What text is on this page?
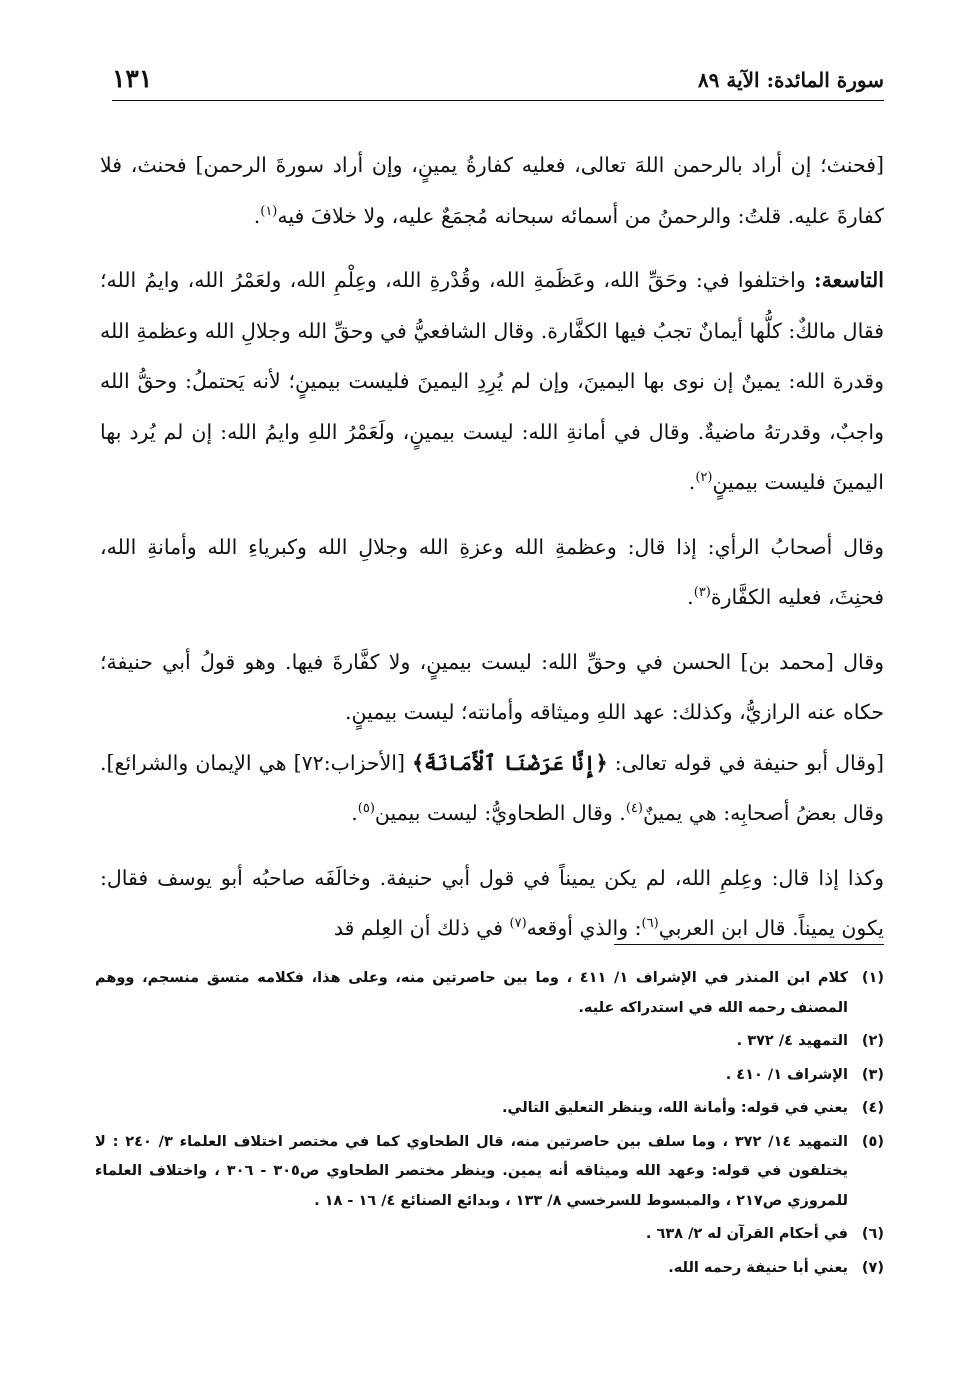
سورة المائدة: الآية ٨٩
١٣١

[فحنث؛ إن أراد بالرحمن اللهَ تعالى، فعليه كفارةُ يمينٍ، وإن أراد سورةَ الرحمن] فحنث، فلا كفارةَ عليه. قلتُ: والرحمنُ من أسمائه سبحانه مُجمَعٌ عليه، ولا خلافَ فيه$^{(١)}$.

التاسعة: واختلفوا في: وحَقِّ الله، وعَظَمةِ الله، وقُدْرةِ الله، وعِلْمِ الله، ولعَمْرُ الله، وايمُ الله؛ فقال مالكٌ: كلُّها أيمانٌ تجبُ فيها الكفَّارة. وقال الشافعيُّ في وحقِّ الله وجلالِ الله وعظمةِ الله وقدرة الله: يمينٌ إن نوى بها اليمينَ، وإن لم يُرِدِ اليمينَ فليست بيمينٍ؛ لأنه يَحتملُ: وحقُّ الله واجبٌ، وقدرتهُ ماضيةٌ. وقال في أمانةِ الله: ليست بيمينٍ، ولَعَمْرُ اللهِ وايمُ الله: إن لم يُرد بها اليمينَ فليست بيمينٍ$^{(٢)}$.

وقال أصحابُ الرأي: إذا قال: وعظمةِ الله وعزةِ الله وجلالِ الله وكبرياءِ الله وأمانةِ الله، فحنِثَ، فعليه الكفَّارة$^{(٣)}$.

وقال [محمد بن] الحسن في وحقِّ الله: ليست بيمينٍ، ولا كفَّارةَ فيها. وهو قولُ أبي حنيفة؛ حكاه عنه الرازيُّ، وكذلك: عهد اللهِ وميثاقه وأمانته؛ ليست بيمينٍ.

[وقال أبو حنيفة في قوله تعالى: ﴿إِنَّا عَرَضْنَا ٱلْأَمَانَةَ﴾ [الأحزاب:٧٢] هي الإيمان والشرائع]. وقال بعضُ أصحابِه: هي يمينٌ$^{(٤)}$. وقال الطحاويُّ: ليست بيمين$^{(٥)}$.

وكذا إذا قال: وعِلمِ الله، لم يكن يميناً في قول أبي حنيفة. وخالَفَه صاحبُه أبو يوسف فقال: يكون يميناً. قال ابن العربي$^{(٦)}$: والذي أوقعه$^{(٧)}$ في ذلك أن العِلم قد

(١)
كلام ابن المنذر في الإشراف ١/ ٤١١ ، وما بين حاصرتين منه، وعلى هذا، فكلامه متسق منسجم، ووهم المصنف رحمه الله في استدراكه عليه.
(٢)
التمهيد ٤/ ٣٧٢ .
(٣)
الإشراف ١/ ٤١٠ .
(٤)
يعني في قوله: وأمانة الله، وينظر التعليق التالي.
(٥)
التمهيد ١٤/ ٣٧٢ ، وما سلف بين حاصرتين منه، قال الطحاوي كما في مختصر اختلاف العلماء ٣/ ٢٤٠ : لا يختلفون في قوله: وعهد الله وميثاقه أنه يمين. وينظر مختصر الطحاوي ص٣٠٥ - ٣٠٦ ، واختلاف العلماء للمروزي ص٢١٧ ، والمبسوط للسرخسي ٨/ ١٣٣ ، وبدائع الصنائع ٤/ ١٦ - ١٨ .
(٦)
في أحكام القرآن له ٢/ ٦٣٨ .
(٧)
يعني أبا حنيفة رحمه الله.
